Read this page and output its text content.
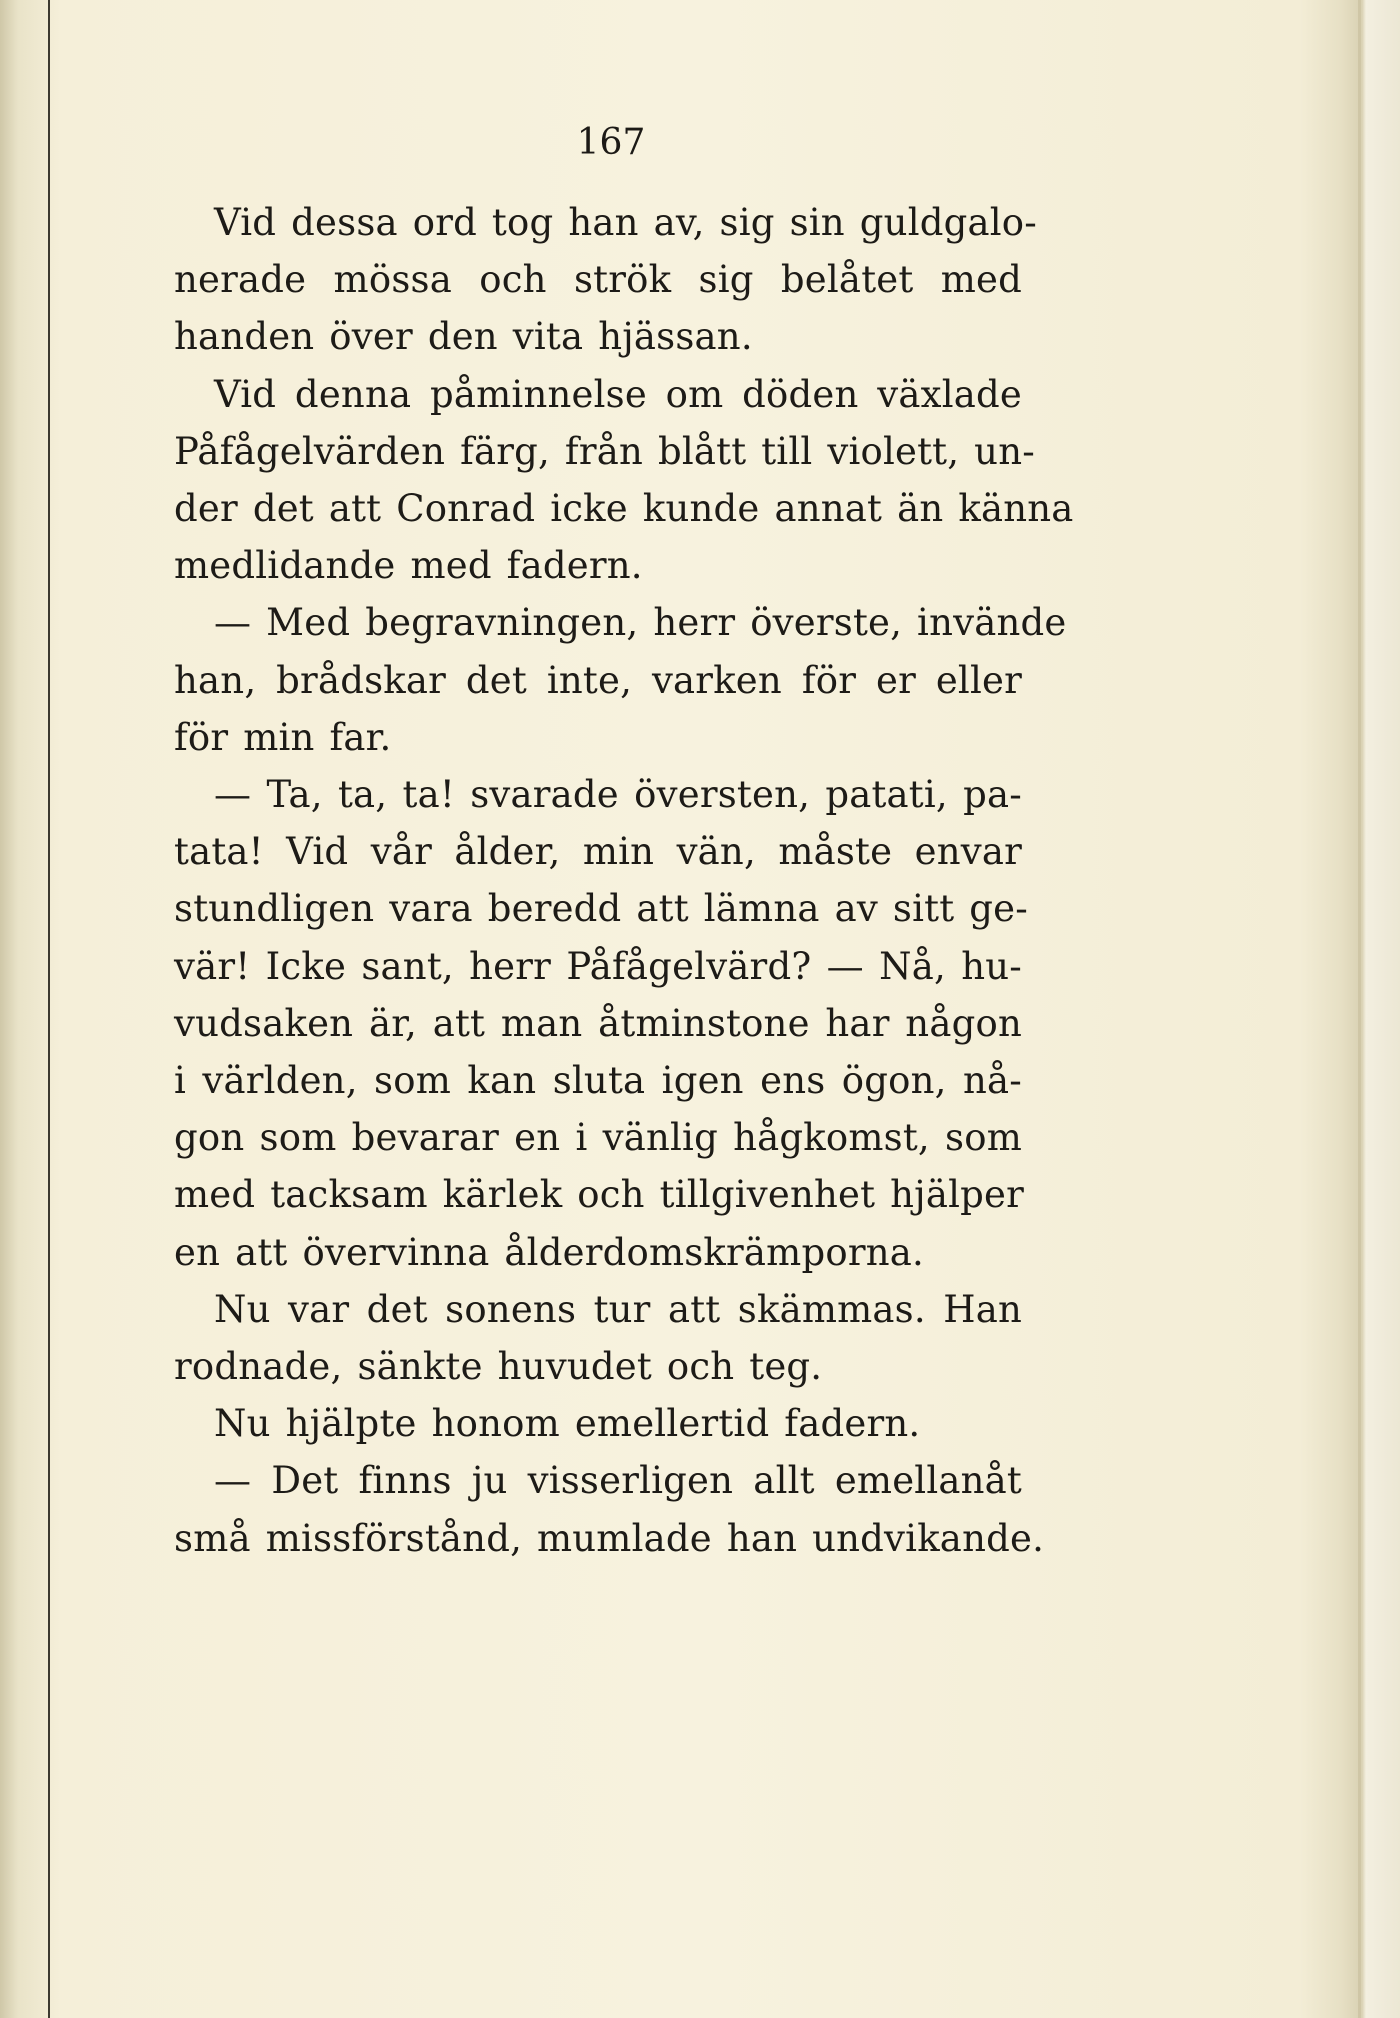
167
Vid dessa ord tog han av, sig sin guldgalo-
nerade mössa och strök sig belåtet med
handen över den vita hjässan.
Vid denna påminnelse om döden växlade
Påfågelvärden färg, från blått till violett, un-
der det att Conrad icke kunde annat än känna
medlidande med fadern.
— Med begravningen, herr överste, invände
han, brådskar det inte, varken för er eller
för min far.
— Ta, ta, ta! svarade översten, patati, pa-
tata! Vid vår ålder, min vän, måste envar
stundligen vara beredd att lämna av sitt ge-
vär! Icke sant, herr Påfågelvärd? — Nå, hu-
vudsaken är, att man åtminstone har någon
i världen, som kan sluta igen ens ögon, nå-
gon som bevarar en i vänlig hågkomst, som
med tacksam kärlek och tillgivenhet hjälper
en att övervinna ålderdomskrämporna.
Nu var det sonens tur att skämmas. Han
rodnade, sänkte huvudet och teg.
Nu hjälpte honom emellertid fadern.
— Det finns ju visserligen allt emellanåt
små missförstånd, mumlade han undvikande.
